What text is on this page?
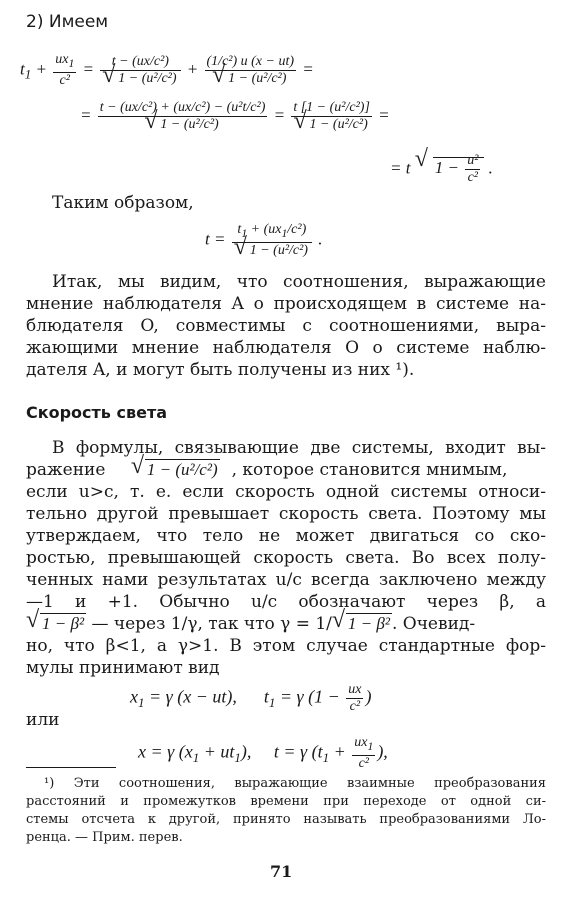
2) Имеем
$t_1 + \frac{ux_1}{\text{c²}} = t - (ux/c^2)$
√ 1 − (u²/c²) + (1/c²) u (x − ut)
√ 1 − (u²/c²) =
= t − (ux/c²) + (ux/c²) − (u²t/c²)
√ 1 − (u²/c²) = t [1 − (u²/c²)]
√ 1 − (u²/c²) =
= t √ $1 - \frac{\text{u²}}{\text{c²}}$ .
Таким образом,
$t = t_1 + (ux_1/c^2)$
√ 1 − (u²/c²) .
Итак, мы видим, что соотношения, выражающие
мнение наблюдателя A о происходящем в системе на-
блюдателя O, совместимы с соотношениями, выра-
жающими мнение наблюдателя O о системе наблю-
дателя A, и могут быть получены из них ¹).
Скорость света
В формулы, связывающие две системы, входит вы-
ражение √ 1 − (u²/c²) , которое становится мнимым,
если u>c, т. е. если скорость одной системы относи-
тельно другой превышает скорость света. Поэтому мы
утверждаем, что тело не может двигаться со ско-
ростью, превышающей скорость света. Во всех полу-
ченных нами результатах u/c всегда заключено между
—1 и +1. Обычно u/c обозначают через β, а
√ 1 − β² — через 1/γ, так что γ = 1/ √ 1 − β² . Очевид-
но, что β<1, а γ>1. В этом случае стандартные фор-
мулы принимают вид
$x_1 = \gamma$ (x − ut),      $t_1 = \gamma$ ($1 - \frac{ux}{\text{c²}}$ )
или
x = γ $(x_1 + ut_1)$,     t = γ ($t_1 + \frac{ux_1}{\text{c²}}$ ),
¹) Эти соотношения, выражающие взаимные преобразования
расстояний и промежутков времени при переходе от одной си-
стемы отсчета к другой, принято называть преобразованиями Ло-
ренца. — Прим. перев.
71
